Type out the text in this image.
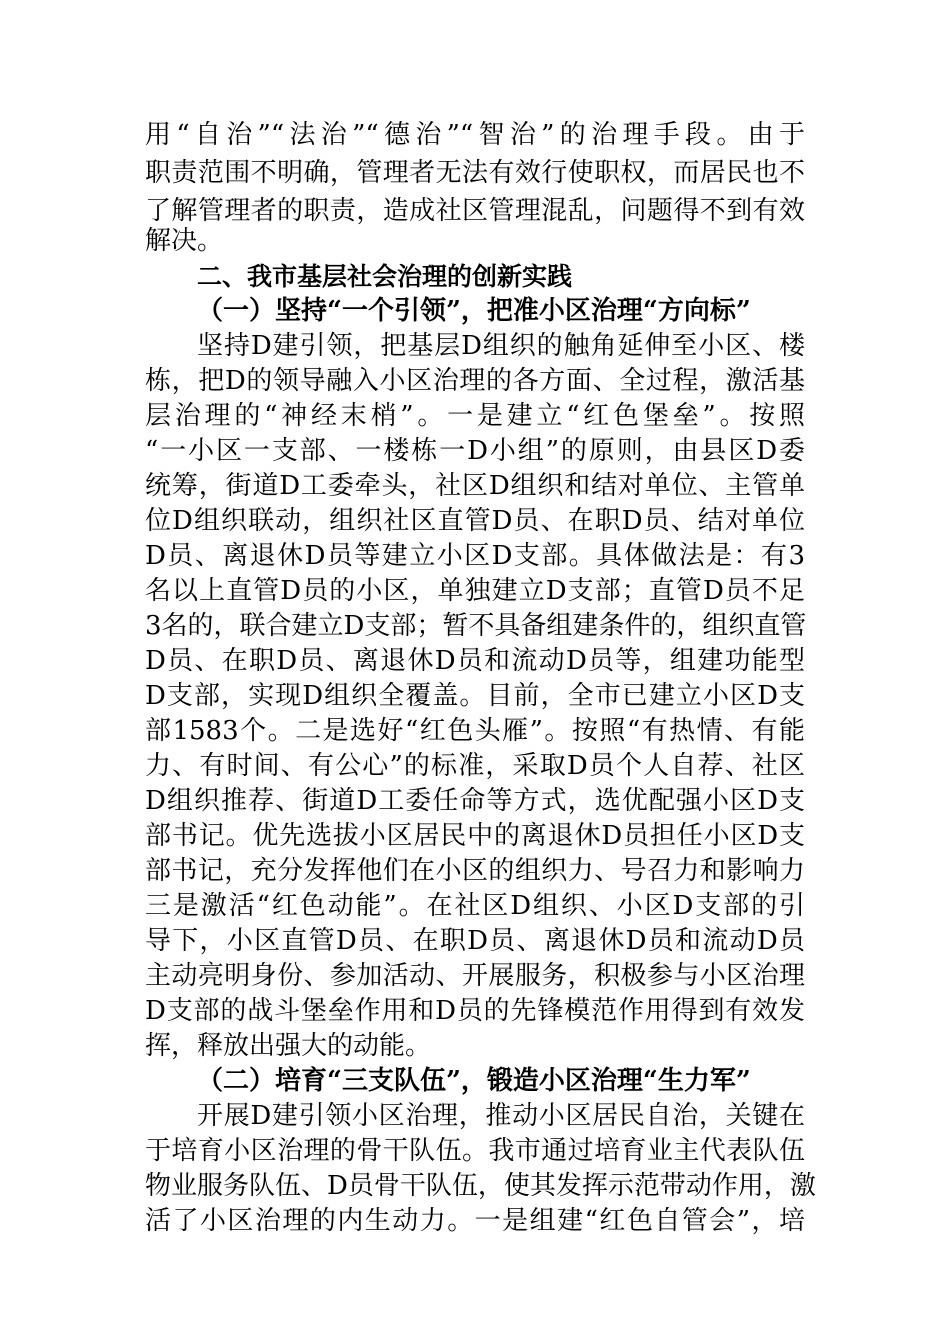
用“自治”“法治”“德治”“智治”的治理手段。由于
职责范围不明确，管理者无法有效行使职权，而居民也不
了解管理者的职责，造成社区管理混乱，问题得不到有效
解决。
二、我市基层社会治理的创新实践
（一）坚持“一个引领”，把准小区治理“方向标”
坚持D建引领，把基层D组织的触角延伸至小区、楼
栋，把D的领导融入小区治理的各方面、全过程，激活基
层治理的“神经末梢”。一是建立“红色堡垒”。按照
“一小区一支部、一楼栋一D小组”的原则，由县区D委
统筹，街道D工委牵头，社区D组织和结对单位、主管单
位D组织联动，组织社区直管D员、在职D员、结对单位
D员、离退休D员等建立小区D支部。具体做法是：有3
名以上直管D员的小区，单独建立D支部；直管D员不足
3名的，联合建立D支部；暂不具备组建条件的，组织直管
D员、在职D员、离退休D员和流动D员等，组建功能型
D支部，实现D组织全覆盖。目前，全市已建立小区D支
部1583个。二是选好“红色头雁”。按照“有热情、有能
力、有时间、有公心”的标准，采取D员个人自荐、社区
D组织推荐、街道D工委任命等方式，选优配强小区D支
部书记。优先选拔小区居民中的离退休D员担任小区D支
部书记，充分发挥他们在小区的组织力、号召力和影响力
三是激活“红色动能”。在社区D组织、小区D支部的引
导下，小区直管D员、在职D员、离退休D员和流动D员
主动亮明身份、参加活动、开展服务，积极参与小区治理
D支部的战斗堡垒作用和D员的先锋模范作用得到有效发
挥，释放出强大的动能。
（二）培育“三支队伍”，锻造小区治理“生力军”
开展D建引领小区治理，推动小区居民自治，关键在
于培育小区治理的骨干队伍。我市通过培育业主代表队伍
物业服务队伍、D员骨干队伍，使其发挥示范带动作用，激
活了小区治理的内生动力。一是组建“红色自管会”，培
